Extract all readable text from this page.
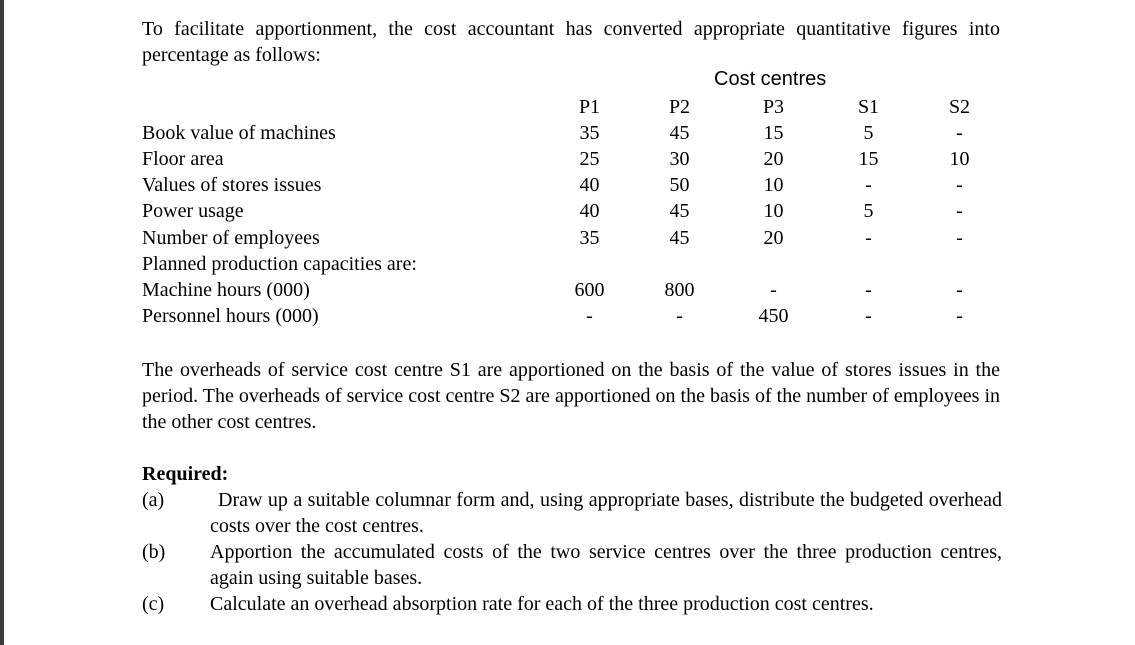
To facilitate apportionment, the cost accountant has converted appropriate quantitative figures into percentage as follows:

Cost centres
	P1	P2	P3	S1	S2
Book value of machines	35	45	15	5	-
Floor area	25	30	20	15	10
Values of stores issues	40	50	10	-	-
Power usage	40	45	10	5	-
Number of employees	35	45	20	-	-
Planned production capacities are:					
Machine hours (000)	600	800	-	-	-
Personnel hours (000)	-	-	450	-	-

The overheads of service cost centre S1 are apportioned on the basis of the value of stores issues in the period. The overheads of service cost centre S2 are apportioned on the basis of the number of employees in the other cost centres.

Required:
(a)	Draw up a suitable columnar form and, using appropriate bases, distribute the budgeted overhead costs over the cost centres.
(b) Apportion the accumulated costs of the two service centres over the three production centres, again using suitable bases.
(c) Calculate an overhead absorption rate for each of the three production cost centres.
